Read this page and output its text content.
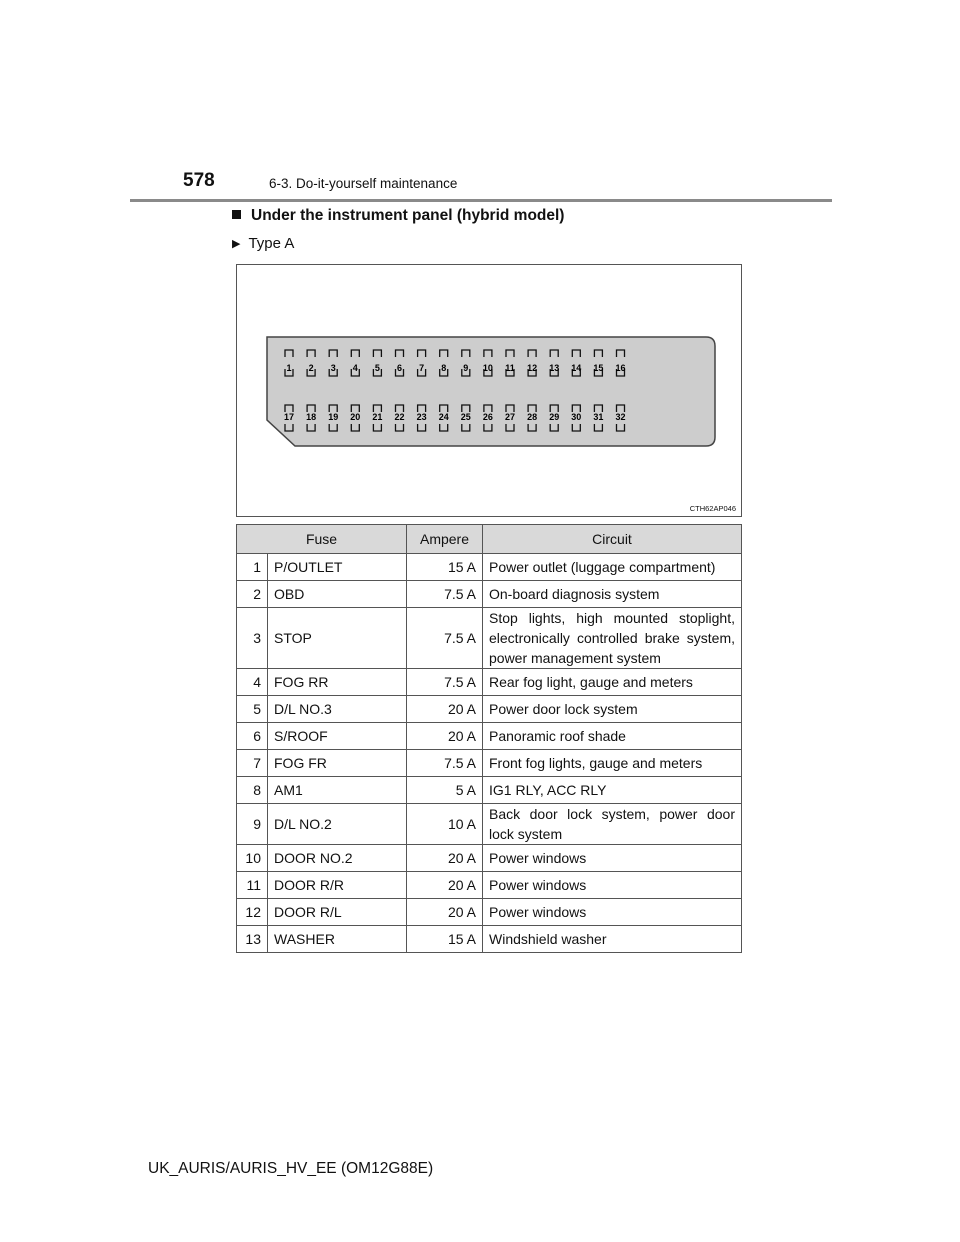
578	6-3. Do-it-yourself maintenance
Under the instrument panel (hybrid model)
▶ Type A
1 2 3 4 5 6 7 8 9 10 11 12 13 14 15 16
17 18 19 20 21 22 23 24 25 26 27 28 29 30 31 32
CTH62AP046
Fuse		Ampere	Circuit
1	P/OUTLET	15 A	Power outlet (luggage compartment)
2	OBD	7.5 A	On-board diagnosis system
3	STOP	7.5 A	Stop lights, high mounted stoplight, electronically controlled brake system, power management system
4	FOG RR	7.5 A	Rear fog light, gauge and meters
5	D/L NO.3	20 A	Power door lock system
6	S/ROOF	20 A	Panoramic roof shade
7	FOG FR	7.5 A	Front fog lights, gauge and meters
8	AM1	5 A	IG1 RLY, ACC RLY
9	D/L NO.2	10 A	Back door lock system, power door lock system
10	DOOR NO.2	20 A	Power windows
11	DOOR R/R	20 A	Power windows
12	DOOR R/L	20 A	Power windows
13	WASHER	15 A	Windshield washer
UK_AURIS/AURIS_HV_EE (OM12G88E)
